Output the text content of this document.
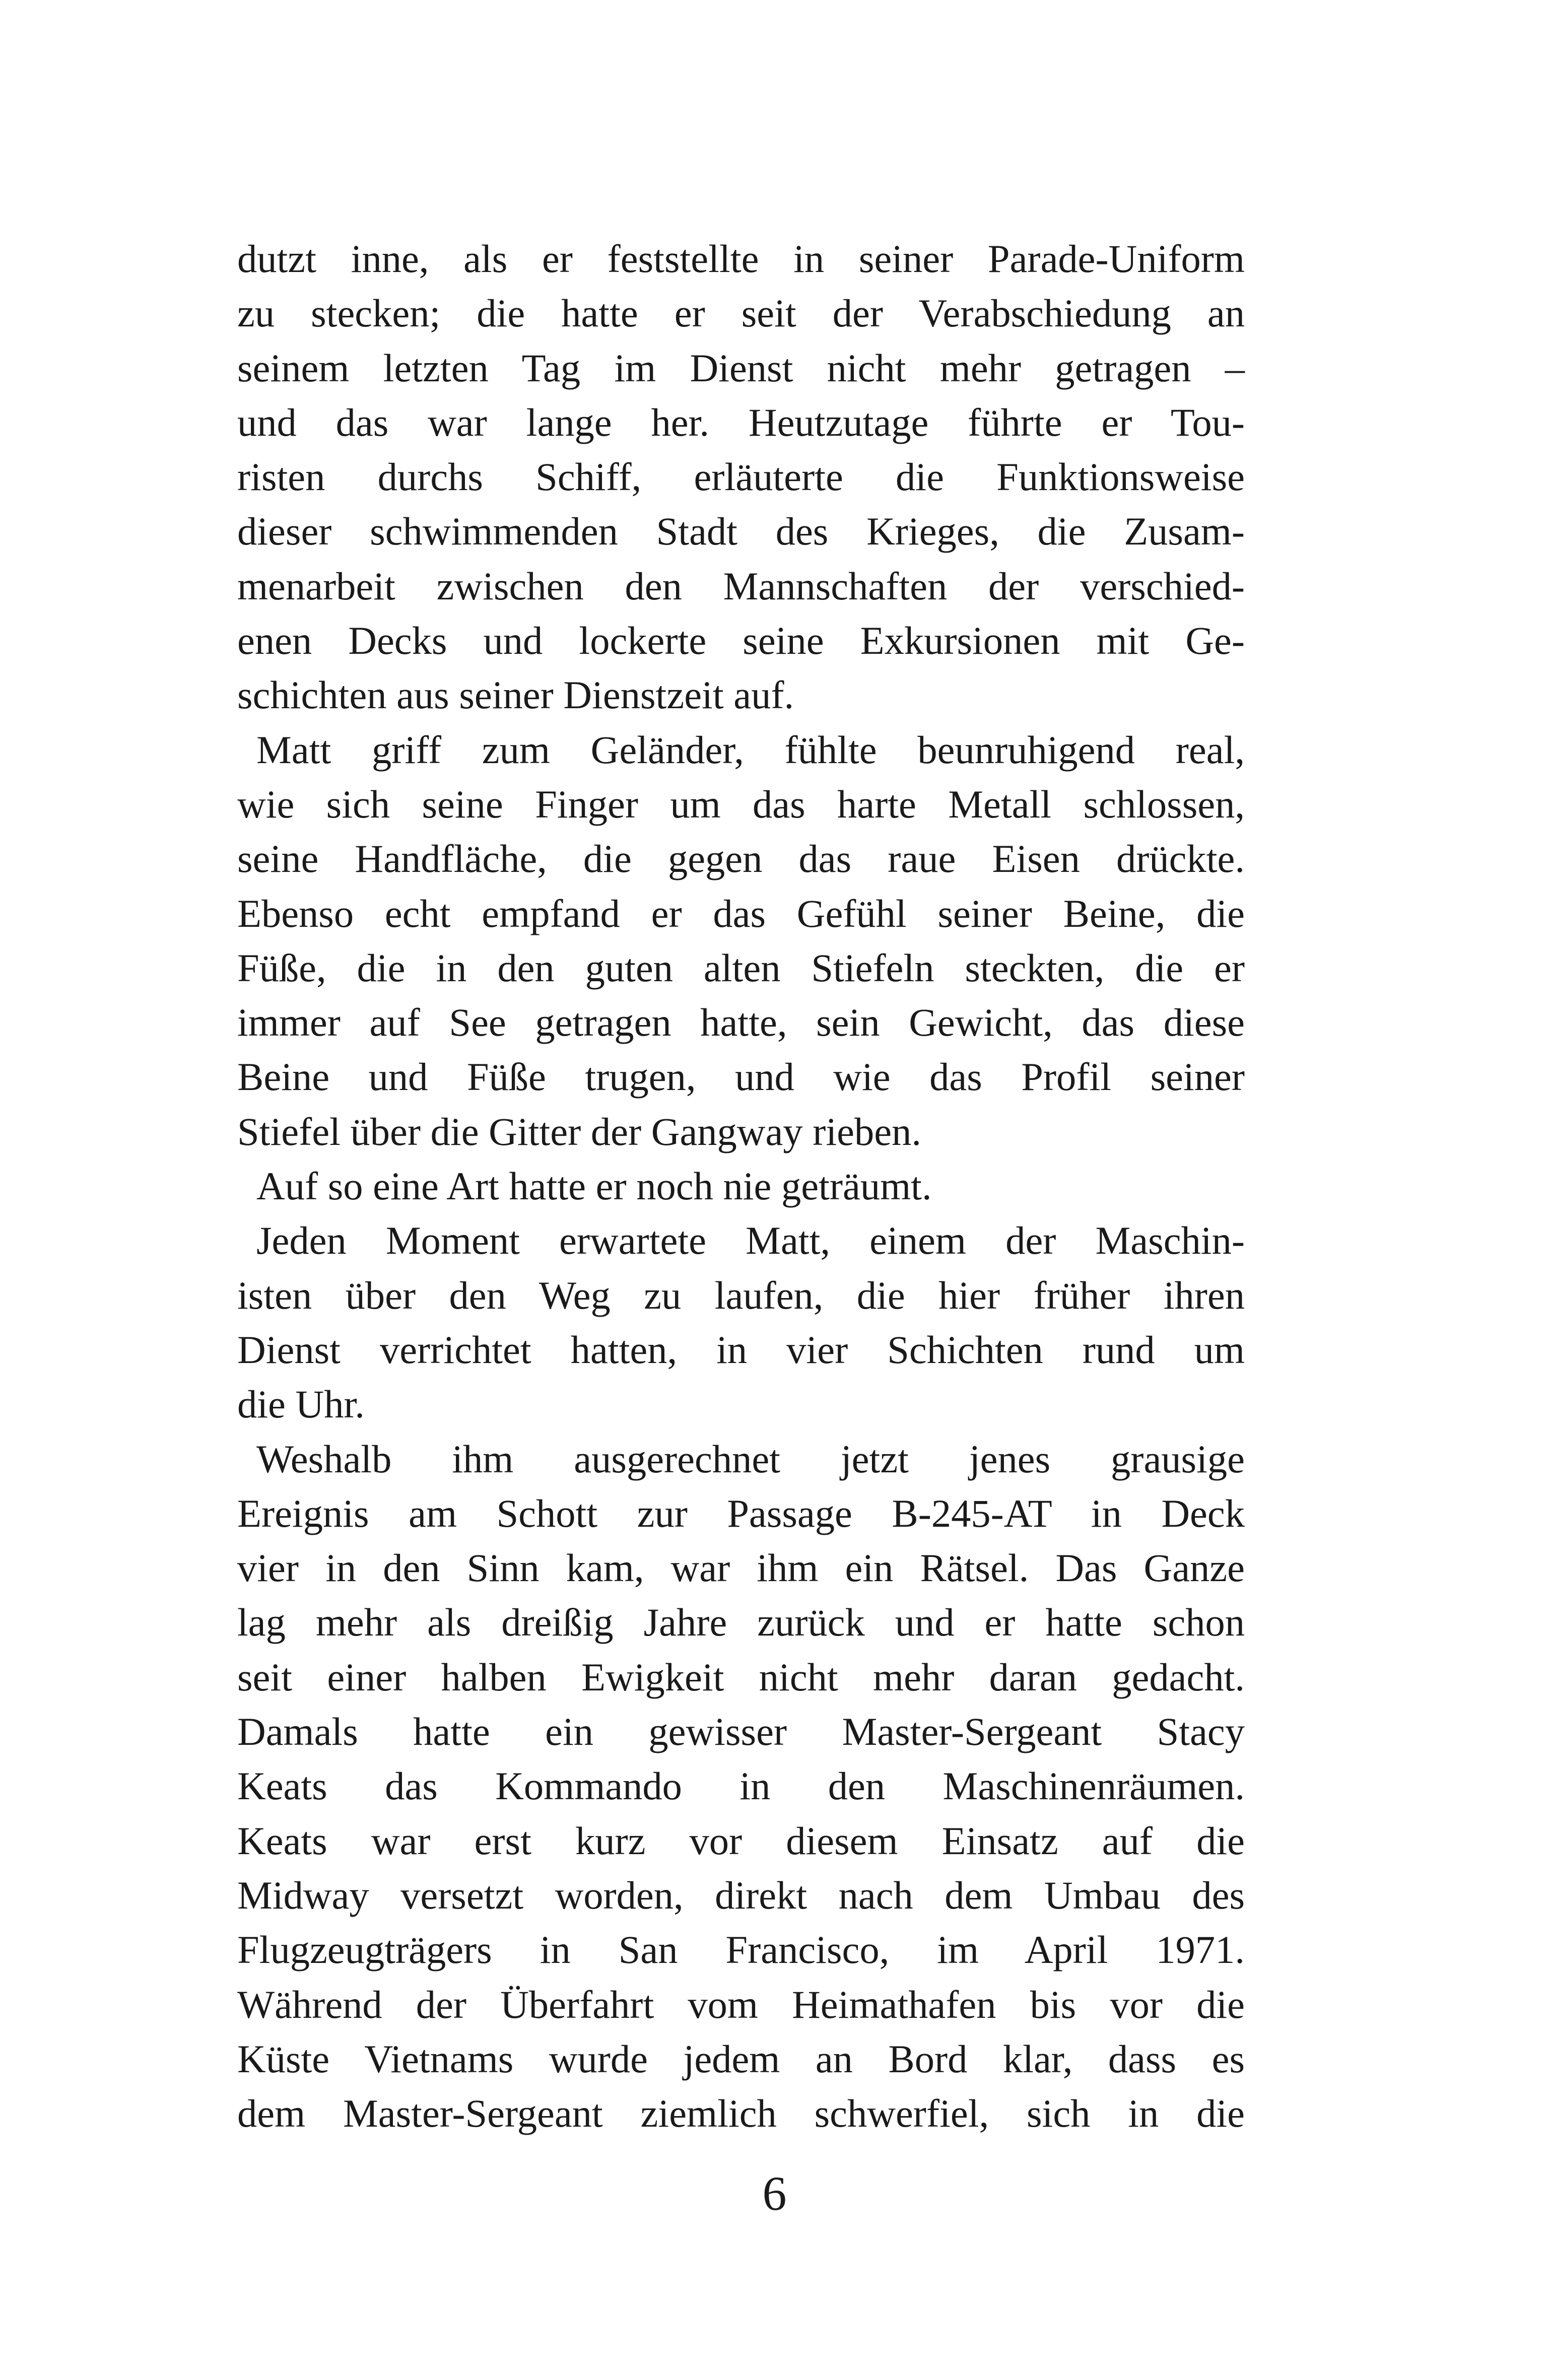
dutzt inne, als er feststellte in seiner Parade-Uniform
zu stecken; die hatte er seit der Verabschiedung an
seinem letzten Tag im Dienst nicht mehr getragen –
und das war lange her. Heutzutage führte er Tou-
risten durchs Schiff, erläuterte die Funktionsweise
dieser schwimmenden Stadt des Krieges, die Zusam-
menarbeit zwischen den Mannschaften der verschied-
enen Decks und lockerte seine Exkursionen mit Ge-
schichten aus seiner Dienstzeit auf.
Matt griff zum Geländer, fühlte beunruhigend real,
wie sich seine Finger um das harte Metall schlossen,
seine Handfläche, die gegen das raue Eisen drückte.
Ebenso echt empfand er das Gefühl seiner Beine, die
Füße, die in den guten alten Stiefeln steckten, die er
immer auf See getragen hatte, sein Gewicht, das diese
Beine und Füße trugen, und wie das Profil seiner
Stiefel über die Gitter der Gangway rieben.
Auf so eine Art hatte er noch nie geträumt.
Jeden Moment erwartete Matt, einem der Maschin-
isten über den Weg zu laufen, die hier früher ihren
Dienst verrichtet hatten, in vier Schichten rund um
die Uhr.
Weshalb ihm ausgerechnet jetzt jenes grausige
Ereignis am Schott zur Passage B-245-AT in Deck
vier in den Sinn kam, war ihm ein Rätsel. Das Ganze
lag mehr als dreißig Jahre zurück und er hatte schon
seit einer halben Ewigkeit nicht mehr daran gedacht.
Damals hatte ein gewisser Master-Sergeant Stacy
Keats das Kommando in den Maschinenräumen.
Keats war erst kurz vor diesem Einsatz auf die
Midway versetzt worden, direkt nach dem Umbau des
Flugzeugträgers in San Francisco, im April 1971.
Während der Überfahrt vom Heimathafen bis vor die
Küste Vietnams wurde jedem an Bord klar, dass es
dem Master-Sergeant ziemlich schwerfiel, sich in die
6
